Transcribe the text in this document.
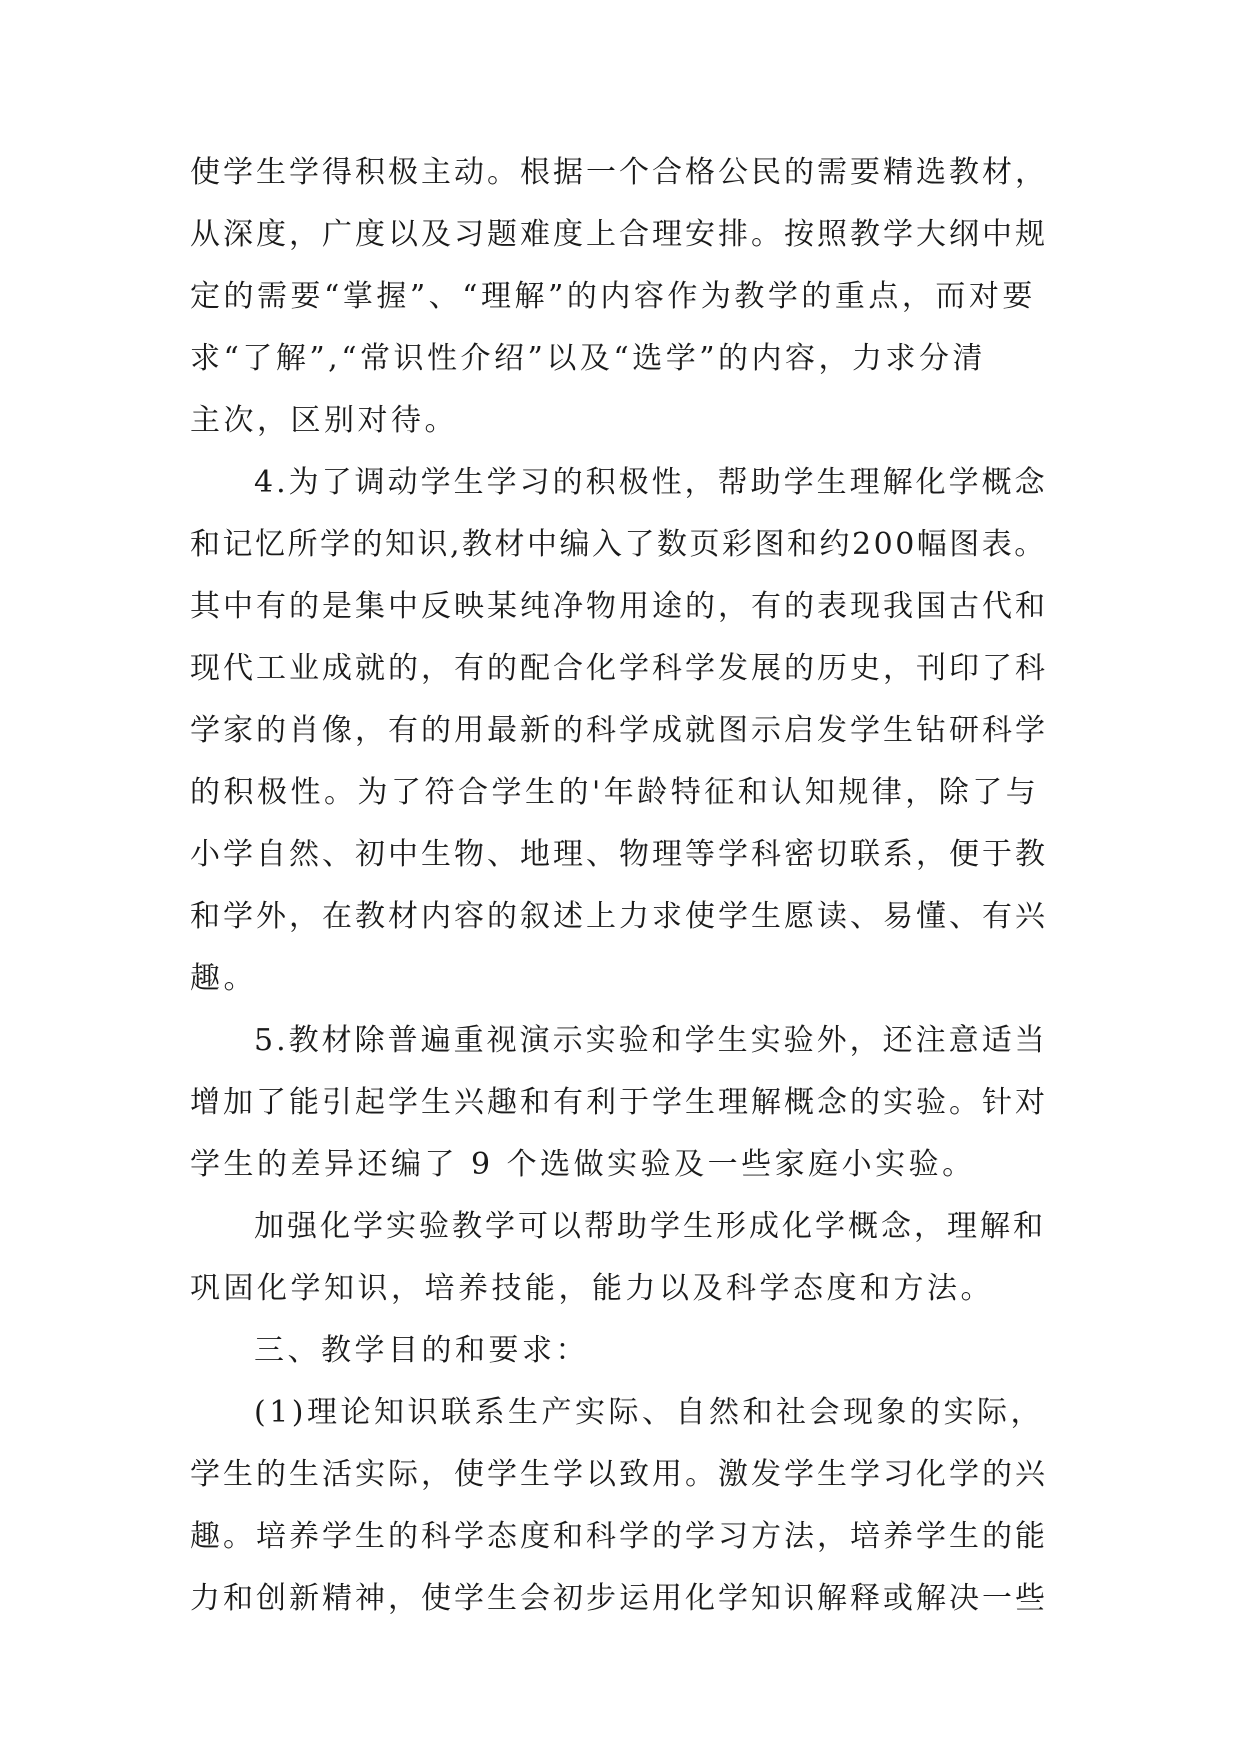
使学生学得积极主动。根据一个合格公民的需要精选教材，
从深度，广度以及习题难度上合理安排。按照教学大纲中规
定的需要“掌握”、“理解”的内容作为教学的重点，而对要
求“了解”,“常识性介绍”以及“选学”的内容，力求分清
主次，区别对待。
4.为了调动学生学习的积极性，帮助学生理解化学概念
和记忆所学的知识,教材中编入了数页彩图和约200幅图表。
其中有的是集中反映某纯净物用途的，有的表现我国古代和
现代工业成就的，有的配合化学科学发展的历史，刊印了科
学家的肖像，有的用最新的科学成就图示启发学生钻研科学
的积极性。为了符合学生的'年龄特征和认知规律，除了与
小学自然、初中生物、地理、物理等学科密切联系，便于教
和学外，在教材内容的叙述上力求使学生愿读、易懂、有兴
趣。
5.教材除普遍重视演示实验和学生实验外，还注意适当
增加了能引起学生兴趣和有利于学生理解概念的实验。针对
学生的差异还编了 9 个选做实验及一些家庭小实验。
加强化学实验教学可以帮助学生形成化学概念，理解和
巩固化学知识，培养技能，能力以及科学态度和方法。
三、教学目的和要求：
(1)理论知识联系生产实际、自然和社会现象的实际，
学生的生活实际，使学生学以致用。激发学生学习化学的兴
趣。培养学生的科学态度和科学的学习方法，培养学生的能
力和创新精神，使学生会初步运用化学知识解释或解决一些
